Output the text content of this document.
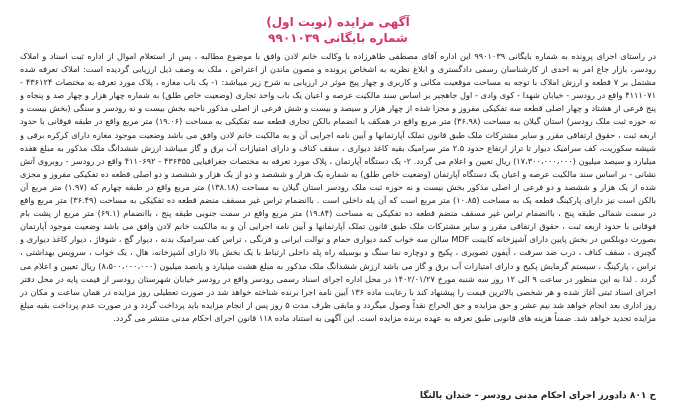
آگهی مزایده (نوبت اول)
شماره بایگانی ۹۹۰۱۰۳۹

در راستای اجرای پرونده به شماره بایگانی ۹۹۰۱۰۳۹ این اداره آقای مصطفی طاهرزاده با وکالت خانم لادن وافق با موضوع مطالبه ، پس از استعلام اموال از اداره ثبت اسناد و املاک رودسر، بازار جاع امر به احدی از کارشناسان رسمی دادگستری و ابلاغ نظریه به اشخاص پرونده و مصون ماندن از اعتراض ، ملک به وصف ذیل ارزیابی گردیده است: املاک تعرفه شده مشتمل بر ۷ قطعه و ارزش املاک با توجه به مساحت موقعیت مکانی و کاربری و چهار پیج موثر در ارزیابی به شرح زیر میباشد: ۱- یک باب مغازه ، پلاک مورد تعرفه به مختصات ۴۳۶۱۲۴ - ۴۱۱۱۰۷۱ واقع در رودسر - خیابان شهدا - کوی وادی - اول جاهجیر بر اساس سند مالکیت عرصه و اعیان یک باب واحد تجاری (وضعیت خاص طلق) به شماره چهار هزار و چهار صد و پنجاه و پنج فرعی از هشتاد و چهار اصلی قطعه سه تفکیکی مفروز و مجزا شده از چهار هزار و سیصد و بیست و شش فرعی از اصلی مذکور ناحیه بخش بیست و نه رودسر و سنگی (بخش بیست و نه حوزه ثبت ملک رودسر) استان گیلان به مساحت (۳۶.۹۸) متر مربع واقع در همکف با انضمام بالکن تجاری قطعه سه تفکیکی به مساحت (۱۹.۰۶) متر مربع واقع در طبقه فوقانی با حدود اربعه ثبت ، حقوق ارتفاقی مقرر و سایر مشترکات ملک طبق قانون تملک آپارتمانها و آیین نامه اجرایی آن و به مالکیت خانم لادن وافق می باشد وضعیت موجود مغازه دارای کرکره برقی و شیشه سکوریت، کف سرامیک دیوار تا تراز ارتفاع حدود ۲.۵ متر سرامیک بقیه کاغذ دیواری ، سقف کناف و دارای امتیازات آب برق و گاز میباشد ارزش ششدانگ ملک مذکور به مبلغ هفده میلیارد و سیصد میلیون (۱۷،۳۰۰،۰۰۰،۰۰۰) ریال تعیین و اعلام می گردد. ۲- یک دستگاه آپارتمان ، پلاک مورد تعرفه به مختصات جغرافیایی ۴۳۶۳۵۵ - ۴۱۱۰۶۹۲ واقع در رودسر - روبروی آتش نشانی - بر اساس سند مالکیت عرصه و اعیان یک دستگاه آپارتمان (وضعیت خاص طلق) به شماره یک هزار و ششصد و دو از یک هزار و ششصد و دو اصلی قطعه ده تفکیکی مفروز و مجزی شده از یک هزار و ششصد و دو فرعی از اصلی مذکور بخش بیست و نه حوزه ثبت ملک رودسر استان گیلان به مساحت (۱۳۸.۱۸) متر مربع واقع در طبقه چهارم که (۱.۹۷) متر مربع آن بالکن است نیز دارای پارکینگ قطعه یک به مساحت (۱۰.۸۵) متر مربع است که آن پله داخلی است . باانضمام تراس غیر مسقف منضم قطعه ده تفکیکی به مساحت (۳۶.۴۹) متر مربع واقع در سمت شمالی طبقه پنج ، باانضمام تراس غیر مسقف منضم قطعه ده تفکیکی به مساحت (۱۹.۸۴) متر مربع واقع در سمت جنوبی طبقه پنج ، باانضمام (۶۹.۱) متر مربع از پشت بام فوقانی با حدود اربعه ثبت ، حقوق ارتفاقی مقرر و سایر مشترکات ملک طبق قانون تملک آپارتمانها و آیین نامه اجرایی آن و به مالکیت خانم لادن وافق می باشد وضعیت موجود آپارتمان بصورت دوبلکس در بخش پایین دارای آشپزخانه کابینت MDF سالن سه خواب کمد دیواری حمام و توالت ایرانی و فرنگی ، تراس کف سرامیک بدنه ، دیوار گچ ، شوفاژ ، دیوار کاغذ دیواری و گچبری ، سقف کناف ، درب ضد سرقت ، آیفون تصویری ، پکیج و دوچاره نما سنگ و بوسیله راه پله داخلی ارتباط با یک بخش بالا دارای آشپزخانه، هال ، یک خواب ، سرویس بهداشتی ، تراس ، پارکینگ ، سیستم گرمایش پکیج و دارای امتیازات آب برق و گاز می باشد ارزش ششدانگ ملک مذکور به مبلغ هشت میلیارد و پانصد میلیون (۸،۵۰۰،۰۰۰،۰۰۰) ریال تعیین و اعلام می گردد . لذا به این منظور در ساعت ۹ الی ۱۲ روز سه شنبه مورخ ۱۴۰۲/۰۱/۲۷ در محل اداره اجرای اسناد رسمی رودسر واقع در رودسر خیابان شهرستان رودسر از قیمت پایه در محل دفتر اجرای اسناد ثبتی آغاز شده و هر شخصی بالاترین قیمت را پیشنهاد کند با رعایت ماده ۱۳۶ آیین نامه اجرا برنده شناخته خواهد شد در صورت تعطیلی روز مزایده در همان ساعت و مکان در روز اداری بعد انجام خواهد شد نیم عشر و حق مزایده و حق الحراج نقداً وصول میگردد و مابقی ظرف مدت ۵ روز پس از انجام مزایده باید پرداخت گردد و در صورت عدم پرداخت بقیه مبلغ مزایده تجدید خواهد شد. ضمناً هزینه های قانونی طبق تعرفه به عهده برنده مزایده است. این آگهی به استناد ماده ۱۱۸ قانون اجرای احکام مدنی منتشر می گردد.

ح ۸۰۱ دادورز اجرای احکام مدنی رودسر - خندان بالنگا
